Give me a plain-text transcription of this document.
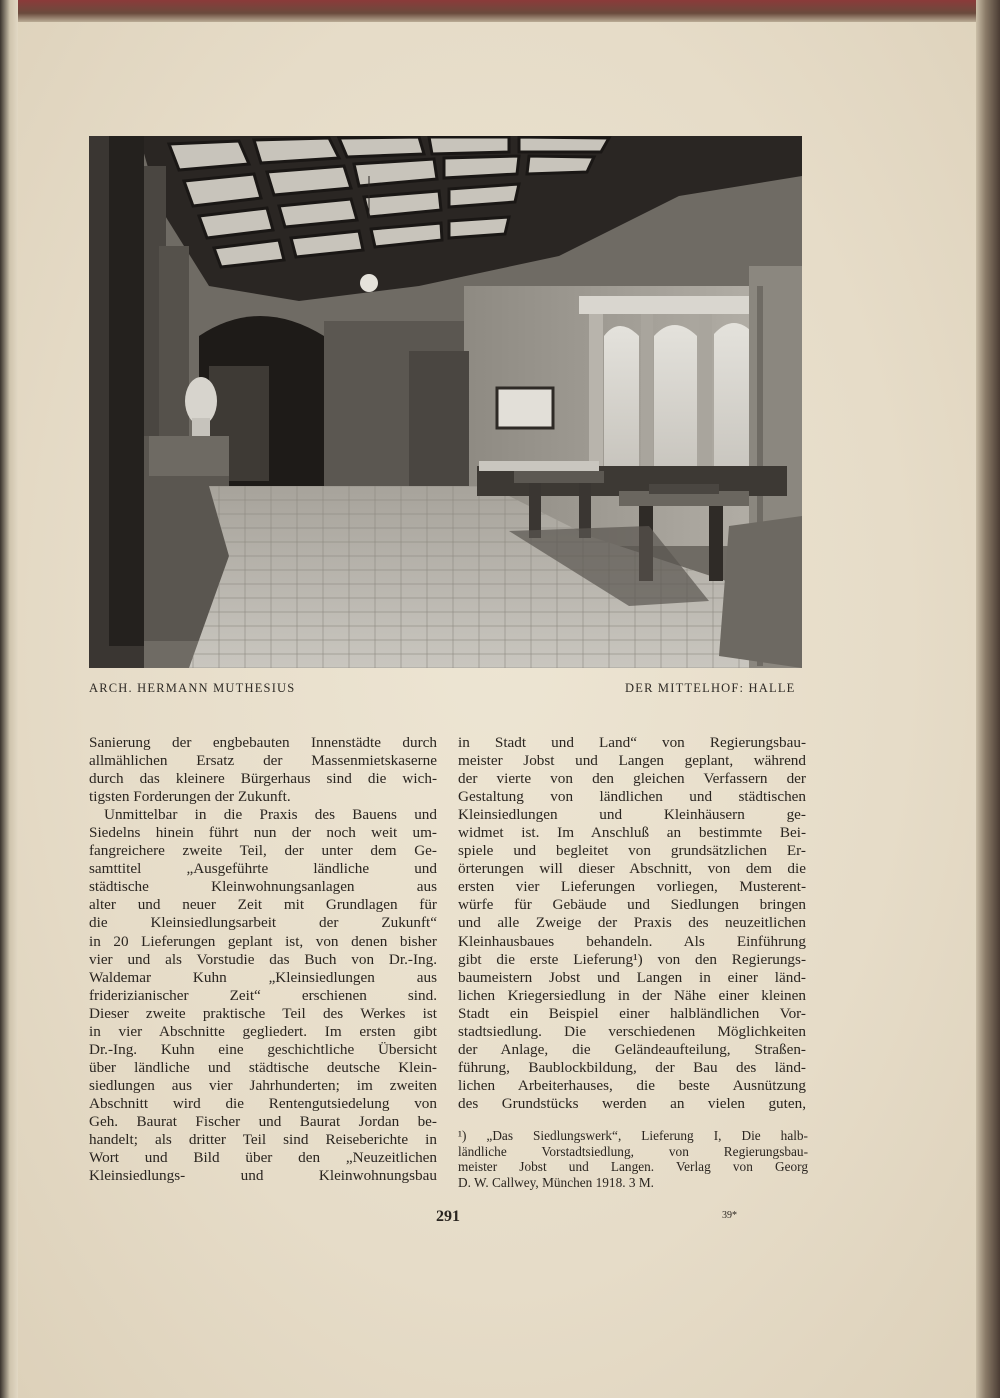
ARCH. HERMANN MUTHESIUS	DER MITTELHOF: HALLE
Sanierung der engbebauten Innenstädte durch
allmählichen Ersatz der Massenmietskaserne
durch das kleinere Bürgerhaus sind die wich-
tigsten Forderungen der Zukunft.
Unmittelbar in die Praxis des Bauens und
Siedelns hinein führt nun der noch weit um-
fangreichere zweite Teil, der unter dem Ge-
samttitel „Ausgeführte ländliche und
städtische Kleinwohnungsanlagen aus
alter und neuer Zeit mit Grundlagen für
die Kleinsiedlungsarbeit der Zukunft“
in 20 Lieferungen geplant ist, von denen bisher
vier und als Vorstudie das Buch von Dr.-Ing.
Waldemar Kuhn „Kleinsiedlungen aus
friderizianischer Zeit“ erschienen sind.
Dieser zweite praktische Teil des Werkes ist
in vier Abschnitte gegliedert. Im ersten gibt
Dr.-Ing. Kuhn eine geschichtliche Übersicht
über ländliche und städtische deutsche Klein-
siedlungen aus vier Jahrhunderten; im zweiten
Abschnitt wird die Rentengutsiedelung von
Geh. Baurat Fischer und Baurat Jordan be-
handelt; als dritter Teil sind Reiseberichte in
Wort und Bild über den „Neuzeitlichen
Kleinsiedlungs- und Kleinwohnungsbau
in Stadt und Land“ von Regierungsbau-
meister Jobst und Langen geplant, während
der vierte von den gleichen Verfassern der
Gestaltung von ländlichen und städtischen
Kleinsiedlungen und Kleinhäusern ge-
widmet ist. Im Anschluß an bestimmte Bei-
spiele und begleitet von grundsätzlichen Er-
örterungen will dieser Abschnitt, von dem die
ersten vier Lieferungen vorliegen, Musterent-
würfe für Gebäude und Siedlungen bringen
und alle Zweige der Praxis des neuzeitlichen
Kleinhausbaues behandeln. Als Einführung
gibt die erste Lieferung¹) von den Regierungs-
baumeistern Jobst und Langen in einer länd-
lichen Kriegersiedlung in der Nähe einer kleinen
Stadt ein Beispiel einer halbländlichen Vor-
stadtsiedlung. Die verschiedenen Möglichkeiten
der Anlage, die Geländeaufteilung, Straßen-
führung, Baublockbildung, der Bau des länd-
lichen Arbeiterhauses, die beste Ausnützung
des Grundstücks werden an vielen guten,
¹) „Das Siedlungswerk“, Lieferung I, Die halb-
ländliche Vorstadtsiedlung, von Regierungsbau-
meister Jobst und Langen. Verlag von Georg
D. W. Callwey, München 1918. 3 M.
291	39*
